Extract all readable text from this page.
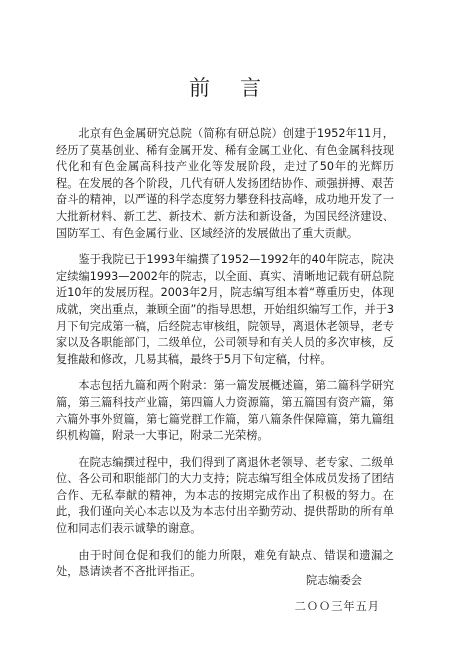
前言

北京有色金属研究总院（简称有研总院）创建于1952年11月，经历了莫基创业、稀有金属开发、稀有金属工业化、有色金属科技现代化和有色金属高科技产业化等发展阶段，走过了50年的光辉历程。在发展的各个阶段，几代有研人发扬团结协作、顽强拼搏、艰苦奋斗的精神，以严谨的科学态度努力攀登科技高峰，成功地开发了一大批新材料、新工艺、新技术、新方法和新设备，为国民经济建设、国防军工、有色金属行业、区域经济的发展做出了重大贡献。

鉴于我院已于1993年编撰了1952—1992年的40年院志，院决定续编1993—2002年的院志，以全面、真实、清晰地记载有研总院近10年的发展历程。2003年2月，院志编写组本着“尊重历史，体现成就，突出重点，兼顾全面”的指导思想，开始组织编写工作，并于3月下旬完成第一稿，后经院志审核组，院领导，离退休老领导，老专家以及各职能部门，二级单位，公司领导和有关人员的多次审核，反复推敲和修改，几易其稿，最终于5月下旬定稿，付梓。

本志包括九篇和两个附录：第一篇发展概述篇，第二篇科学研究篇，第三篇科技产业篇，第四篇人力资源篇，第五篇国有资产篇，第六篇外事外贸篇，第七篇党群工作篇，第八篇条件保障篇，第九篇组织机构篇，附录一大事记，附录二光荣榜。

在院志编撰过程中，我们得到了离退休老领导、老专家、二级单位、各公司和职能部门的大力支持；院志编写组全体成员发扬了团结合作、无私奉献的精神，为本志的按期完成作出了积极的努力。在此，我们谨向关心本志以及为本志付出辛勤劳动、提供帮助的所有单位和同志们表示诚挚的谢意。

由于时间仓促和我们的能力所限，难免有缺点、错误和遗漏之处，恳请读者不吝批评指正。

院志编委会
二ＯＯ三年五月
